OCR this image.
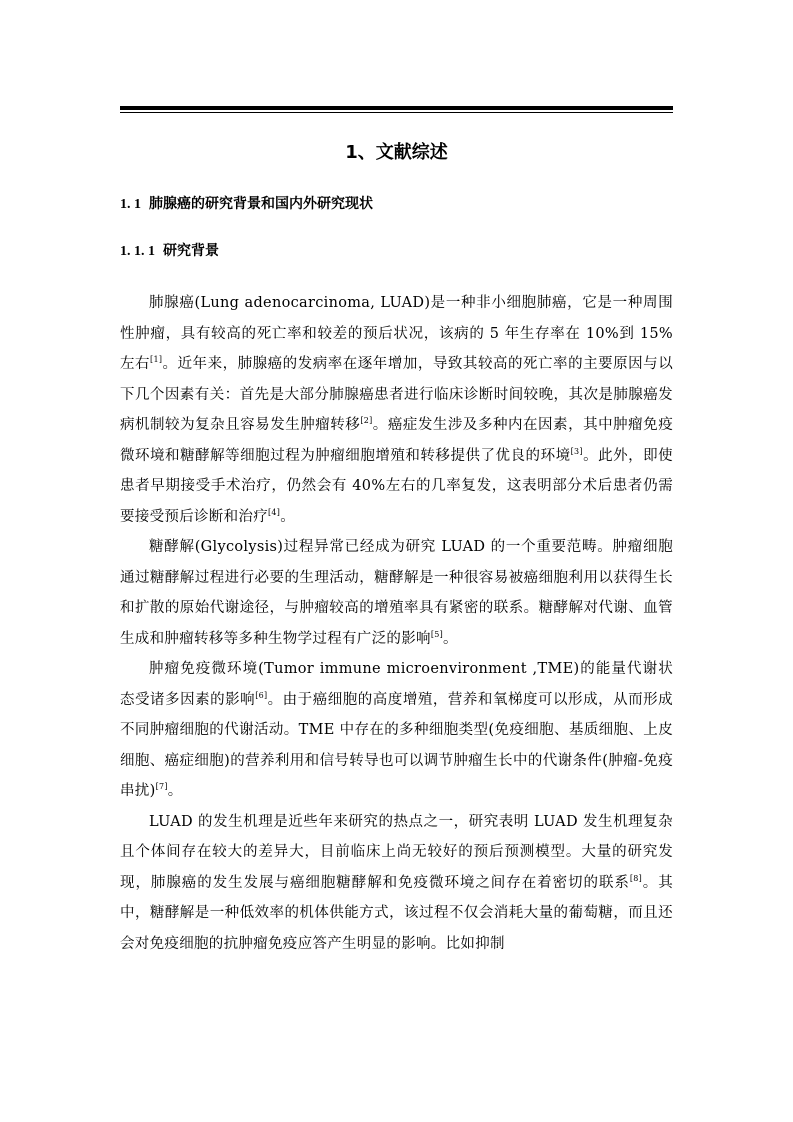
1、文献综述
1. 1 肺腺癌的研究背景和国内外研究现状
1. 1. 1 研究背景

肺腺癌(Lung adenocarcinoma, LUAD)是一种非小细胞肺癌，它是一种周围性肿瘤，具有较高的死亡率和较差的预后状况，该病的 5 年生存率在 10%到 15%左右[1]。近年来，肺腺癌的发病率在逐年增加，导致其较高的死亡率的主要原因与以下几个因素有关：首先是大部分肺腺癌患者进行临床诊断时间较晚，其次是肺腺癌发病机制较为复杂且容易发生肿瘤转移[2]。癌症发生涉及多种内在因素，其中肿瘤免疫微环境和糖酵解等细胞过程为肿瘤细胞增殖和转移提供了优良的环境[3]。此外，即使患者早期接受手术治疗，仍然会有 40%左右的几率复发，这表明部分术后患者仍需要接受预后诊断和治疗[4]。

糖酵解(Glycolysis)过程异常已经成为研究 LUAD 的一个重要范畴。肿瘤细胞通过糖酵解过程进行必要的生理活动，糖酵解是一种很容易被癌细胞利用以获得生长和扩散的原始代谢途径，与肿瘤较高的增殖率具有紧密的联系。糖酵解对代谢、血管生成和肿瘤转移等多种生物学过程有广泛的影响[5]。

肿瘤免疫微环境(Tumor immune microenvironment ,TME)的能量代谢状态受诸多因素的影响[6]。由于癌细胞的高度增殖，营养和氧梯度可以形成，从而形成不同肿瘤细胞的代谢活动。TME 中存在的多种细胞类型(免疫细胞、基质细胞、上皮细胞、癌症细胞)的营养利用和信号转导也可以调节肿瘤生长中的代谢条件(肿瘤-免疫串扰)[7]。

LUAD 的发生机理是近些年来研究的热点之一，研究表明 LUAD 发生机理复杂且个体间存在较大的差异大，目前临床上尚无较好的预后预测模型。大量的研究发现，肺腺癌的发生发展与癌细胞糖酵解和免疫微环境之间存在着密切的联系[8]。其中，糖酵解是一种低效率的机体供能方式，该过程不仅会消耗大量的葡萄糖，而且还会对免疫细胞的抗肿瘤免疫应答产生明显的影响。比如抑制
